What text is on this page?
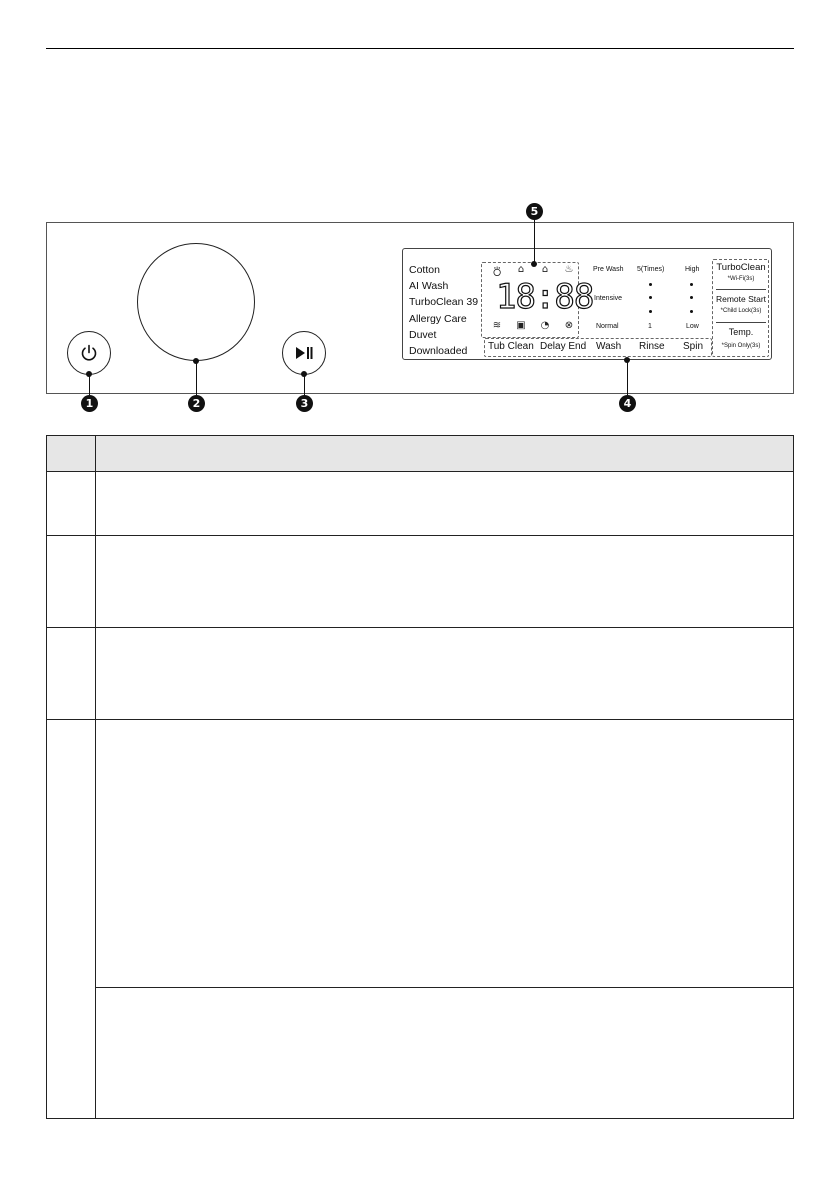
Cotton
AI Wash
TurboClean 39
Allergy Care
Duvet
Downloaded
⛣	⌂	⌂	♨
18:88
≋	▣	◔	⊗
Pre Wash
Intensive
Normal
5(Times)
1
High
Low
Tub Clean Delay End Wash Rinse Spin
TurboClean
*Wi-Fi(3s)
Remote Start
*Child Lock(3s)
Temp.
*Spin Only(3s)
5
1	2	3	4
